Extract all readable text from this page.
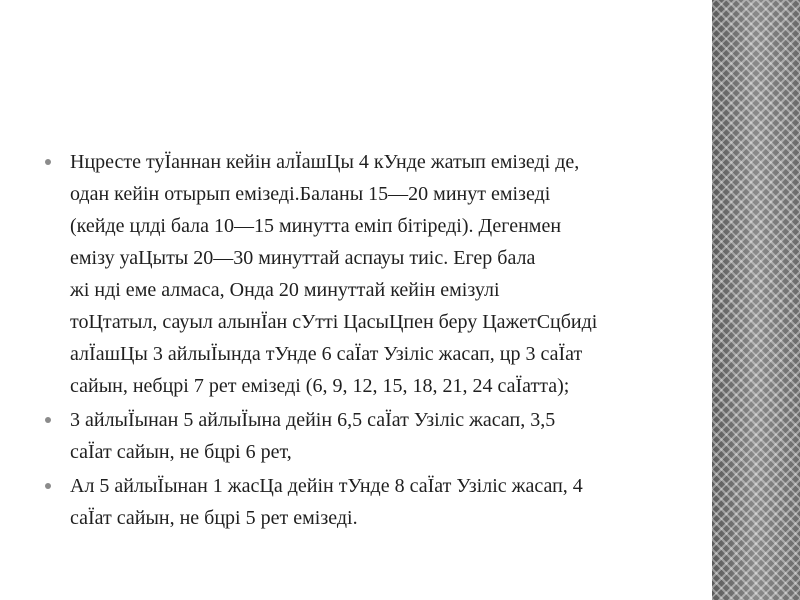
Нцресте туЇаннан кейін алЇашЦы 4 кУнде жатып емізеді де,
одан кейін отырып емізеді.Баланы 15—20 минут емізеді
(кейде цлді бала 10—15 минутта еміп бітіреді). Дегенмен
емізу уаЦыты 20—30 минуттай аспауы тиіс. Егер бала
жі нді еме алмаса, Онда 20 минуттай кейін емізулі
тоЦтатыл, сауыл алынЇан сУтті ЦасыЦпен беру ЦажетСцбиді
алЇашЦы 3 айлыЇында тУнде 6 саЇат Узіліс жасап, цр 3 саЇат
сайын, небцрі 7 рет емізеді (6, 9, 12, 15, 18, 21, 24 саЇатта);
3 айлыЇынан 5 айлыЇына дейін 6,5 саЇат Узіліс жасап, 3,5
саЇат сайын, не бцрі 6 рет,
Ал 5 айлыЇынан 1 жасЦа дейін тУнде 8 саЇат Узіліс жасап, 4
саЇат сайын, не бцрі 5 рет емізеді.
